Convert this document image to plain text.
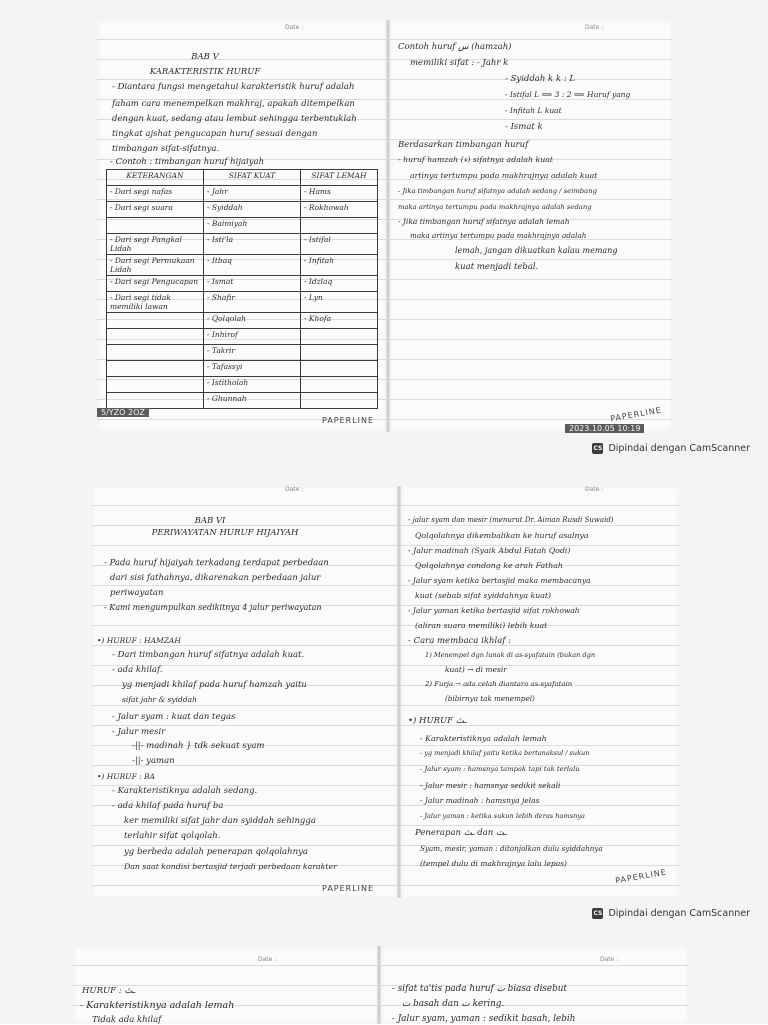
Date :
BAB V
KARAKTERISTIK HURUF
- Diantara fungsi mengetahui karakteristik huruf adalah
faham cara menempelkan makhraj, apakah ditempelkan
dengan kuat, sedang atau lembut sehingga terbentuklah
tingkat ajshat pengucapan huruf sesuai dengan
timbangan sifat-sifatnya.
- Contoh : timbangan huruf hijaiyah
KETERANGAN	SIFAT KUAT	SIFAT LEMAH
- Dari segi nafas	- Jahr	- Hams
- Dari segi suara	- Syiddah	- Rokhowah
	- Baimiyah	
- Dari segi Pangkal Lidah	- Isti'la	- Istifal
- Dari segi Permukaan Lidah	- Itbaq	- Infitah
- Dari segi Pengucapan	- Ismat	- Idzlaq
- Dari segi tidak memiliki lawan	- Shafir	- Lyn
	- Qolqolah	- Khofa
	- Inhirof	
	- Takrir	
	- Tafassyi	
	- Istitholah	
	- Ghunnah	
5/YZO 2OZ
PAPERLINE
Date :
Contoh huruf ﺱ (hamzah)
memiliki sifat : - Jahr k
- Syiddah k k : L
- Istifal L ⟹ 3 : 2 ⟹ Huruf yang
- Infitah L kuat
- Ismat k
Berdasarkan timbangan huruf
- huruf hamzah (ء) sifatnya adalah kuat
artinya tertumpu pada makhrajnya adalah kuat
- Jika timbangan huruf sifatnya adalah sedang / seimbang
maka artinya tertumpu pada makhrajnya adalah sedang
- Jika timbangan huruf sifatnya adalah lemah
maka artinya tertumpu pada makhrajnya adalah
lemah, jangan dikuatkan kalau memang
kuat menjadi tebal.
PAPERLINE
2023.10.05 10:19
CS Dipindai dengan CamScanner
Date :
BAB VI
PERIWAYATAN HURUF HIJAIYAH
- Pada huruf hijaiyah terkadang terdapat perbedaan
dari sisi fathahnya, dikarenakan perbedaan jalur
periwayatan
- Kami mengumpulkan sedikitnya 4 jalur periwayatan
•) HURUF : HAMZAH
- Dari timbangan huruf sifatnya adalah kuat.
- ada khilaf.
yg menjadi khilaf pada huruf hamzah yaitu
sifat jahr & syiddah
- Jalur syam : kuat dan tegas
- Jalur mesir
-||- madinah } tdk sekuat syam
-||- yaman
•) HURUF : BA
- Karakteristiknya adalah sedang.
- ada khilaf pada huruf ba
ker memiliki sifat jahr dan syiddah sehingga
terlahir sifat qolqolah.
yg berbeda adalah penerapan qolqolahnya
Dan saat kondisi bertasjid terjadi perbedaan karakter
PAPERLINE
Date :
- jalur syam dan mesir (menurut Dr. Aiman Rusdi Suwaid)
Qolqolahnya dikembalikan ke huruf asalnya
- Jalur madinah (Syaik Abdul Fatah Qodi)
Qolqolahnya condong ke arah Fathah
- Jalur syam ketika bertasjid maka membacanya
kuat (sebab sifat syiddahnya kuat)
- Jalur yaman ketika bertasjid sifat rokhowah
(aliran suara memiliki) lebih kuat
- Cara membaca ikhlaf :
1) Menempel dgn lunak di as-syafatain (bukan dgn
kuat) → di mesir
2) Furja → ada celah diantara as-syafatain
(bibirnya tak menempel)
•) HURUF ـٿ
- Karakteristiknya adalah lemah
- yg menjadi khilaf yaitu ketika bertanaksul / sukun
- Jalur syam : hamsnya tampak tapi tak terlalu
- Jalur mesir : hamsnya sedikit sekali
- Jalur madinah : hamsnya jelas
- Jalur yaman : ketika sukun lebih deras hamsnya
Penerapan ـٿ dan ـٽ
Syam, mesir, yaman : ditonjolkan dulu syiddahnya
(tempel dulu di makhrajnya lalu lepas)
PAPERLINE
CS Dipindai dengan CamScanner
Date :
HURUF : ـٿ
- Karakteristiknya adalah lemah
Tidak ada khilaf
Date :
- sifat ta'tis pada huruf ت biasa disebut
ت basah dan ت kering.
- Jalur syam, yaman : sedikit basah, lebih
